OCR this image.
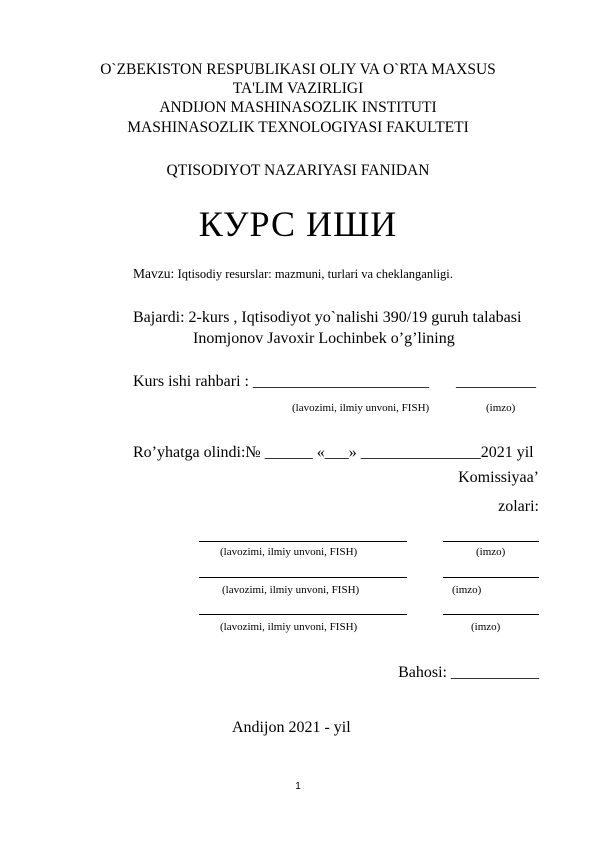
O`ZBEKISTON RESPUBLIKASI OLIY VA O`RTA MAXSUS
TA'LIM VAZIRLIGI
ANDIJON MASHINASOZLIK INSTITUTI
MASHINASOZLIK TEXNOLOGIYASI FAKULTETI
QTISODIYOT NAZARIYASI FANIDAN
КУРС ИШИ
Mavzu: Iqtisodiy resurslar: mazmuni, turlari va cheklanganligi.
Bajardi: 2-kurs , Iqtisodiyot yo`nalishi 390/19 guruh talabasi
Inomjonov Javoxir Lochinbek o’g’lining
Kurs ishi rahbari : ______________________ __________
(lavozimi, ilmiy unvoni, FISH)	(imzo)
Ro’yhatga olindi:№ ______ «___» _______________2021 yil
Komissiyaa’
zolari:
(lavozimi, ilmiy unvoni, FISH)	(imzo)
(lavozimi, ilmiy unvoni, FISH)	(imzo)
(lavozimi, ilmiy unvoni, FISH)	(imzo)
Bahosi: ___________
Andijon 2021 - yil
1
